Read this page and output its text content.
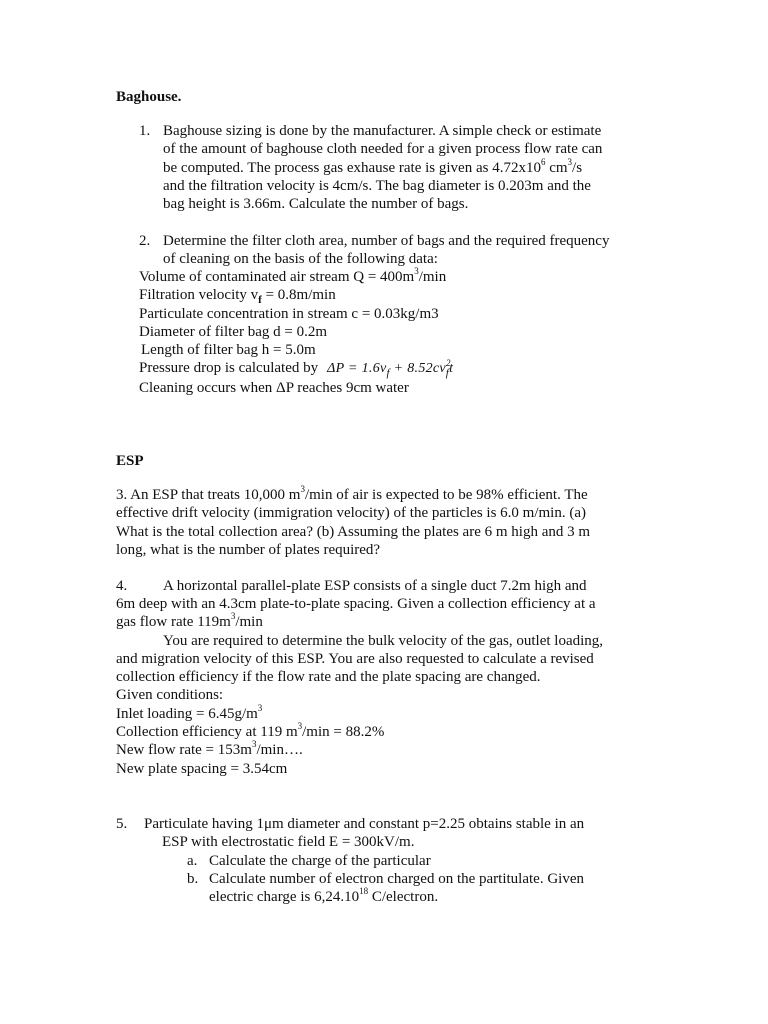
Baghouse.
1. Baghouse sizing is done by the manufacturer. A simple check or estimate
of the amount of baghouse cloth needed for a given process flow rate can
be computed. The process gas exhause rate is given as $4.72x10^6$ $cm^3/s$
and the filtration velocity is 4cm/s. The bag diameter is 0.203m and the
bag height is 3.66m. Calculate the number of bags.
2. Determine the filter cloth area, number of bags and the required frequency
of cleaning on the basis of the following data:
Volume of contaminated air stream $Q = 400m^3/\min$
Filtration velocity $v_f = 0.8m/\min$
Particulate concentration in stream c = 0.03kg/m3
Diameter of filter bag d = 0.2m
Length of filter bag h = 5.0m
Pressure drop is calculated by $\Delta P = 1.6v_f + 8.52cv^2_ft$
Cleaning occurs when ΔP reaches 9cm water
ESP
3. An ESP that treats 10,000 $m^3/\min$ of air is expected to be 98% efficient. The
effective drift velocity (immigration velocity) of the particles is 6.0 m/min. (a)
What is the total collection area? (b) Assuming the plates are 6 m high and 3 m
long, what is the number of plates required?
4. A horizontal parallel-plate ESP consists of a single duct 7.2m high and
6m deep with an 4.3cm plate-to-plate spacing. Given a collection efficiency at a
gas flow rate $119m^3/\min$
You are required to determine the bulk velocity of the gas, outlet loading,
and migration velocity of this ESP. You are also requested to calculate a revised
collection efficiency if the flow rate and the plate spacing are changed.
Given conditions:
Inlet loading = $6.45g/m^3$
Collection efficiency at 119 $m^3/\min = 88.2\%$
New flow rate = $153m^3/\min\dots$.
New plate spacing = 3.54cm
5. Particulate having 1μm diameter and constant p=2.25 obtains stable in an
ESP with electrostatic field E = 300kV/m.
a. Calculate the charge of the particular
b. Calculate number of electron charged on the partitulate. Given
electric charge is 6,24.10$^{18}$ C/electron.
